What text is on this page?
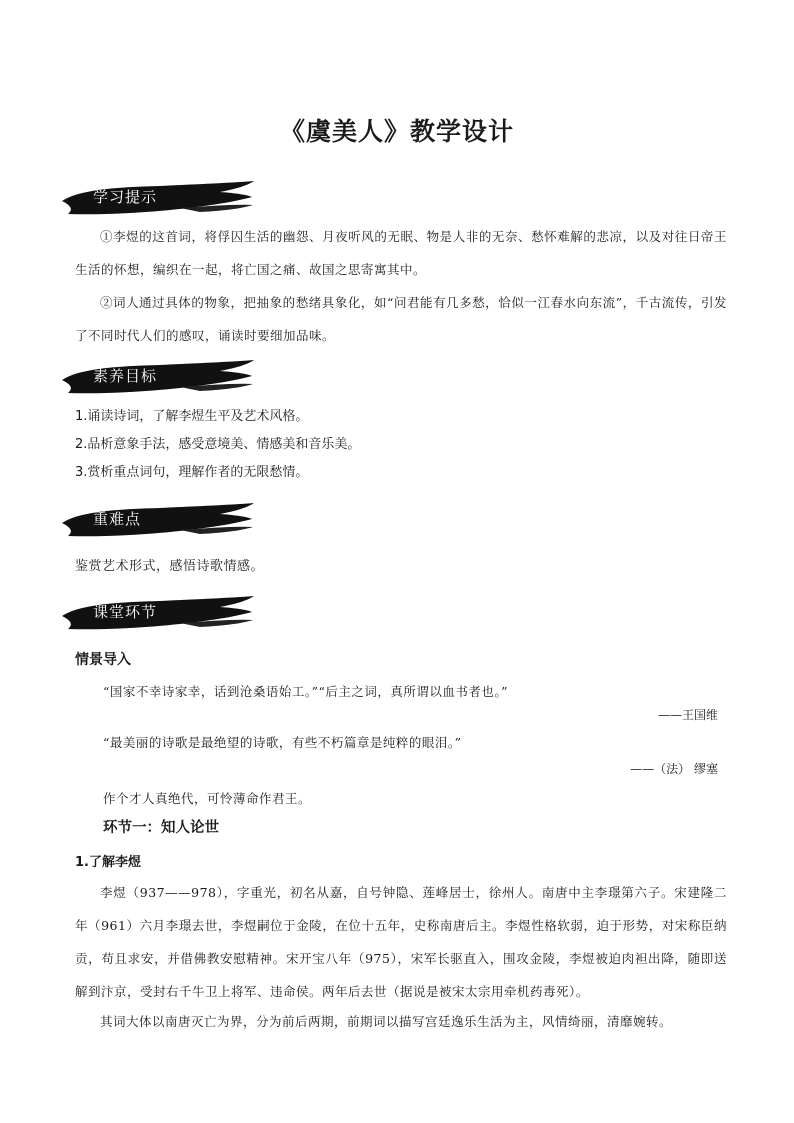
《虞美人》教学设计
学习提示
①李煜的这首词，将俘囚生活的幽怨、月夜听风的无眠、物是人非的无奈、愁怀难解的悲凉，以及对往日帝王生活的怀想，编织在一起，将亡国之痛、故国之思寄寓其中。
②词人通过具体的物象，把抽象的愁绪具象化，如“问君能有几多愁，恰似一江春水向东流”，千古流传，引发了不同时代人们的感叹，诵读时要细加品味。
素养目标
1.诵读诗词，了解李煜生平及艺术风格。
2.品析意象手法，感受意境美、情感美和音乐美。
3.赏析重点词句，理解作者的无限愁情。
重难点
鉴赏艺术形式，感悟诗歌情感。
课堂环节
情景导入
“国家不幸诗家幸，话到沧桑语始工。”“后主之词，真所谓以血书者也。”
——王国维
“最美丽的诗歌是最绝望的诗歌，有些不朽篇章是纯粹的眼泪。”
——（法） 缪塞
作个才人真绝代，可怜薄命作君王。
环节一：知人论世
1.了解李煜
李煜（937——978），字重光，初名从嘉，自号钟隐、莲峰居士，徐州人。南唐中主李璟第六子。宋建隆二年（961）六月李璟去世，李煜嗣位于金陵，在位十五年，史称南唐后主。李煜性格软弱，迫于形势，对宋称臣纳贡，苟且求安，并借佛教安慰精神。宋开宝八年（975），宋军长驱直入，围攻金陵，李煜被迫肉袒出降，随即送解到汴京，受封右千牛卫上将军、违命侯。两年后去世（据说是被宋太宗用牵机药毒死）。
其词大体以南唐灭亡为界，分为前后两期，前期词以描写宫廷逸乐生活为主，风情绮丽，清靡婉转。
